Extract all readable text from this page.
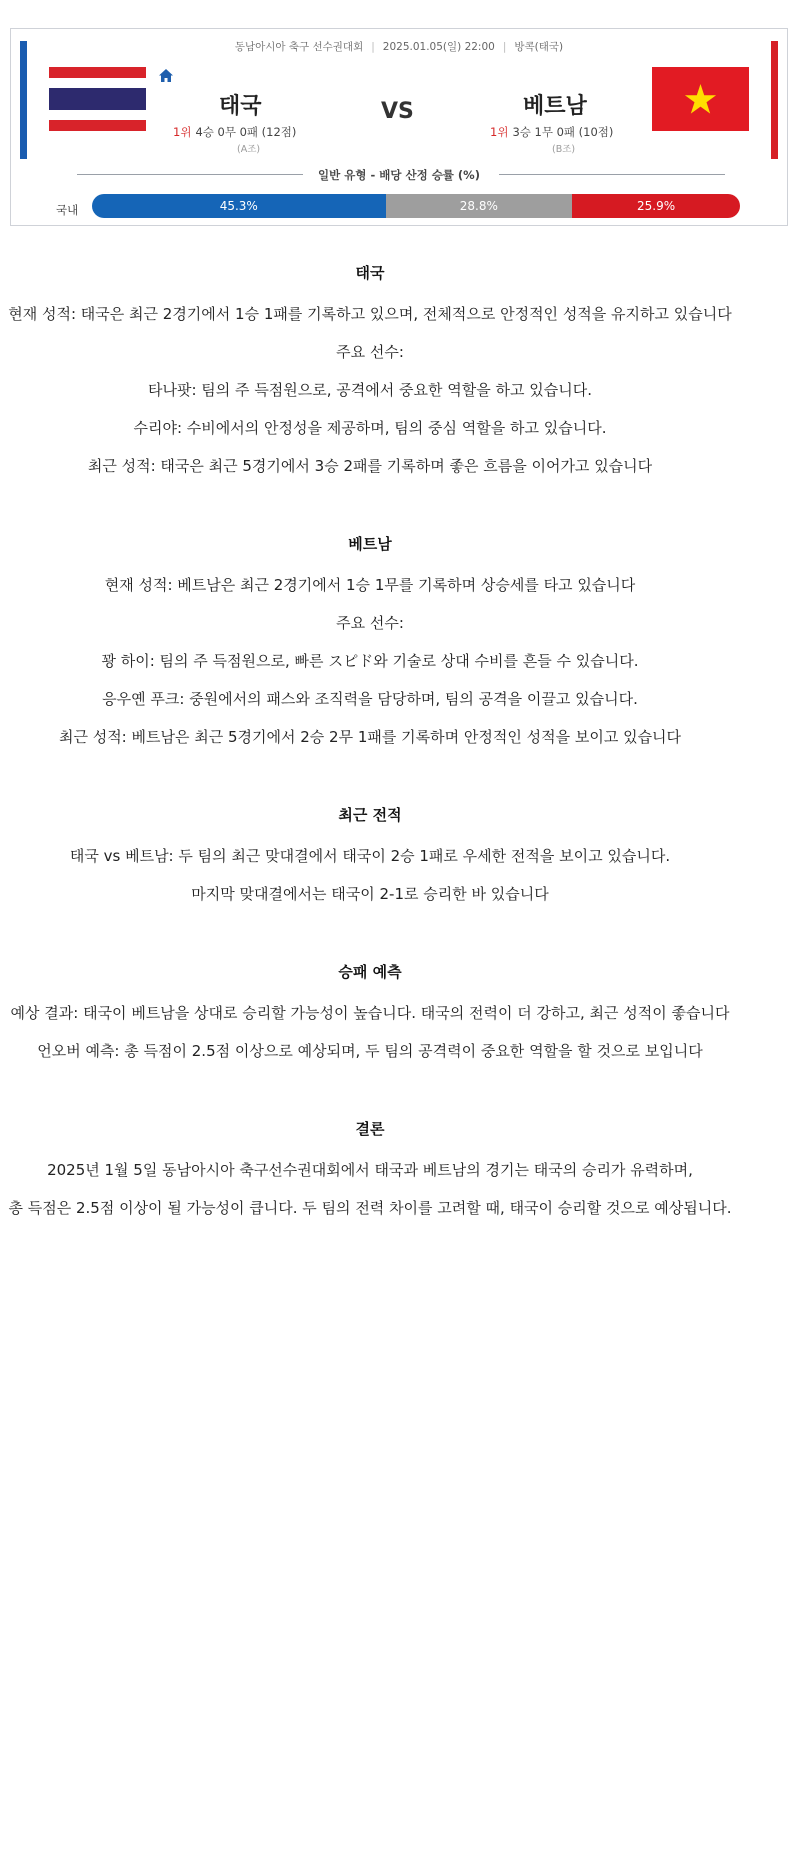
동남아시아 축구 선수권대회 | 2025.01.05(일) 22:00 | 방콕(태국)
태국	VS	베트남
1위 4승 0무 0패 (12점)
(A조)
1위 3승 1무 0패 (10점)
(B조)
일반 유형 - 배당 산정 승률 (%)
국내	45.3%	28.8%	25.9%
태국

현재 성적: 태국은 최근 2경기에서 1승 1패를 기록하고 있으며, 전체적으로 안정적인 성적을 유지하고 있습니다

주요 선수:

타나팟: 팀의 주 득점원으로, 공격에서 중요한 역할을 하고 있습니다.

수리야: 수비에서의 안정성을 제공하며, 팀의 중심 역할을 하고 있습니다.

최근 성적: 태국은 최근 5경기에서 3승 2패를 기록하며 좋은 흐름을 이어가고 있습니다

베트남

현재 성적: 베트남은 최근 2경기에서 1승 1무를 기록하며 상승세를 타고 있습니다

주요 선수:

꽝 하이: 팀의 주 득점원으로, 빠른 スピド와 기술로 상대 수비를 흔들 수 있습니다.

응우옌 푸크: 중원에서의 패스와 조직력을 담당하며, 팀의 공격을 이끌고 있습니다.

최근 성적: 베트남은 최근 5경기에서 2승 2무 1패를 기록하며 안정적인 성적을 보이고 있습니다

최근 전적

태국 vs 베트남: 두 팀의 최근 맞대결에서 태국이 2승 1패로 우세한 전적을 보이고 있습니다.

마지막 맞대결에서는 태국이 2-1로 승리한 바 있습니다

승패 예측

예상 결과: 태국이 베트남을 상대로 승리할 가능성이 높습니다. 태국의 전력이 더 강하고, 최근 성적이 좋습니다

언오버 예측: 총 득점이 2.5점 이상으로 예상되며, 두 팀의 공격력이 중요한 역할을 할 것으로 보입니다

결론

2025년 1월 5일 동남아시아 축구선수권대회에서 태국과 베트남의 경기는 태국의 승리가 유력하며,

총 득점은 2.5점 이상이 될 가능성이 큽니다. 두 팀의 전력 차이를 고려할 때, 태국이 승리할 것으로 예상됩니다.
